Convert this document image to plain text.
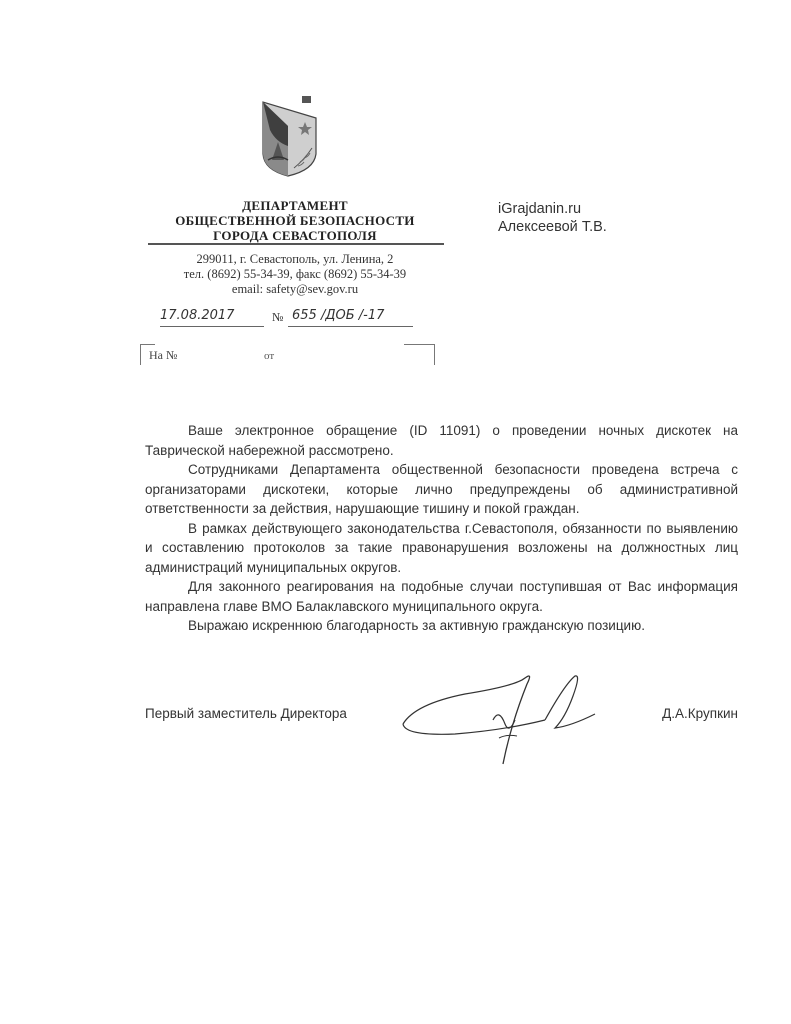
ДЕПАРТАМЕНТ
ОБЩЕСТВЕННОЙ БЕЗОПАСНОСТИ
ГОРОДА СЕВАСТОПОЛЯ
299011, г. Севастополь, ул. Ленина, 2
тел. (8692) 55-34-39, факс (8692) 55-34-39
email: safety@sev.gov.ru
17.08.2017	№ 655 /ДОБ /-17
На №	от
iGrajdanin.ru
Алексеевой Т.В.

Ваше электронное обращение (ID 11091) о проведении ночных дискотек на Таврической набережной рассмотрено.

Сотрудниками Департамента общественной безопасности проведена встреча с организаторами дискотеки, которые лично предупреждены об административной ответственности за действия, нарушающие тишину и покой граждан.

В рамках действующего законодательства г.Севастополя, обязанности по выявлению и составлению протоколов за такие правонарушения возложены на должностных лиц администраций муниципальных округов.

Для законного реагирования на подобные случаи поступившая от Вас информация направлена главе ВМО Балаклавского муниципального округа.

Выражаю искреннюю благодарность за активную гражданскую позицию.

Первый заместитель Директора	Д.А.Крупкин
